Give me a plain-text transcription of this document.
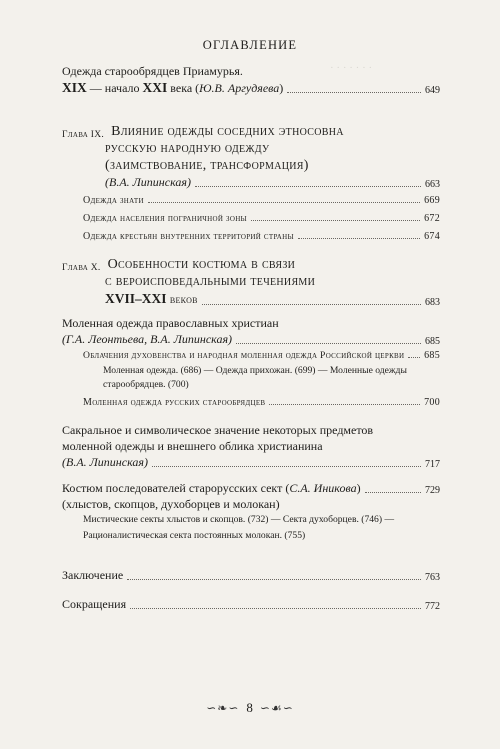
· · · · · · ·
ОГЛАВЛЕНИЕ
Одежда старообрядцев Приамурья.
XIX — начало XXI века (Ю.В. Аргудяева)	649
Глава IX. Влияние одежды соседних этносовна
русскую народную одежду
(заимствование, трансформация)
(В.А. Липинская)	663
Одежда знати	669
Одежда населения пограничной зоны	672
Одежда крестьян внутренних территорий страны	674
Глава X. Особенности костюма в связи
с вероисповедальными течениями
XVII–XXI веков	683
Моленная одежда православных христиан
(Г.А. Леонтьева, В.А. Липинская)	685
Облачения духовенства и народная моленная одежда Российской церкви 685
Моленная одежда. (686) — Одежда прихожан. (699) — Моленные одежды
старообрядцев. (700)
Моленная одежда русских старообрядцев	700
Сакральное и символическое значение некоторых предметов
моленной одежды и внешнего облика христианина
(В.А. Липинская)	717
Костюм последователей старорусских сект (С.А. Иникова)	729
(хлыстов, скопцов, духоборцев и молокан)
Мистические секты хлыстов и скопцов. (732) — Секта духоборцев. (746) —
Рационалистическая секта постоянных молокан. (755)
Заключение	763
Сокращения	772
∽❧∽ 8 ∽☙∽
